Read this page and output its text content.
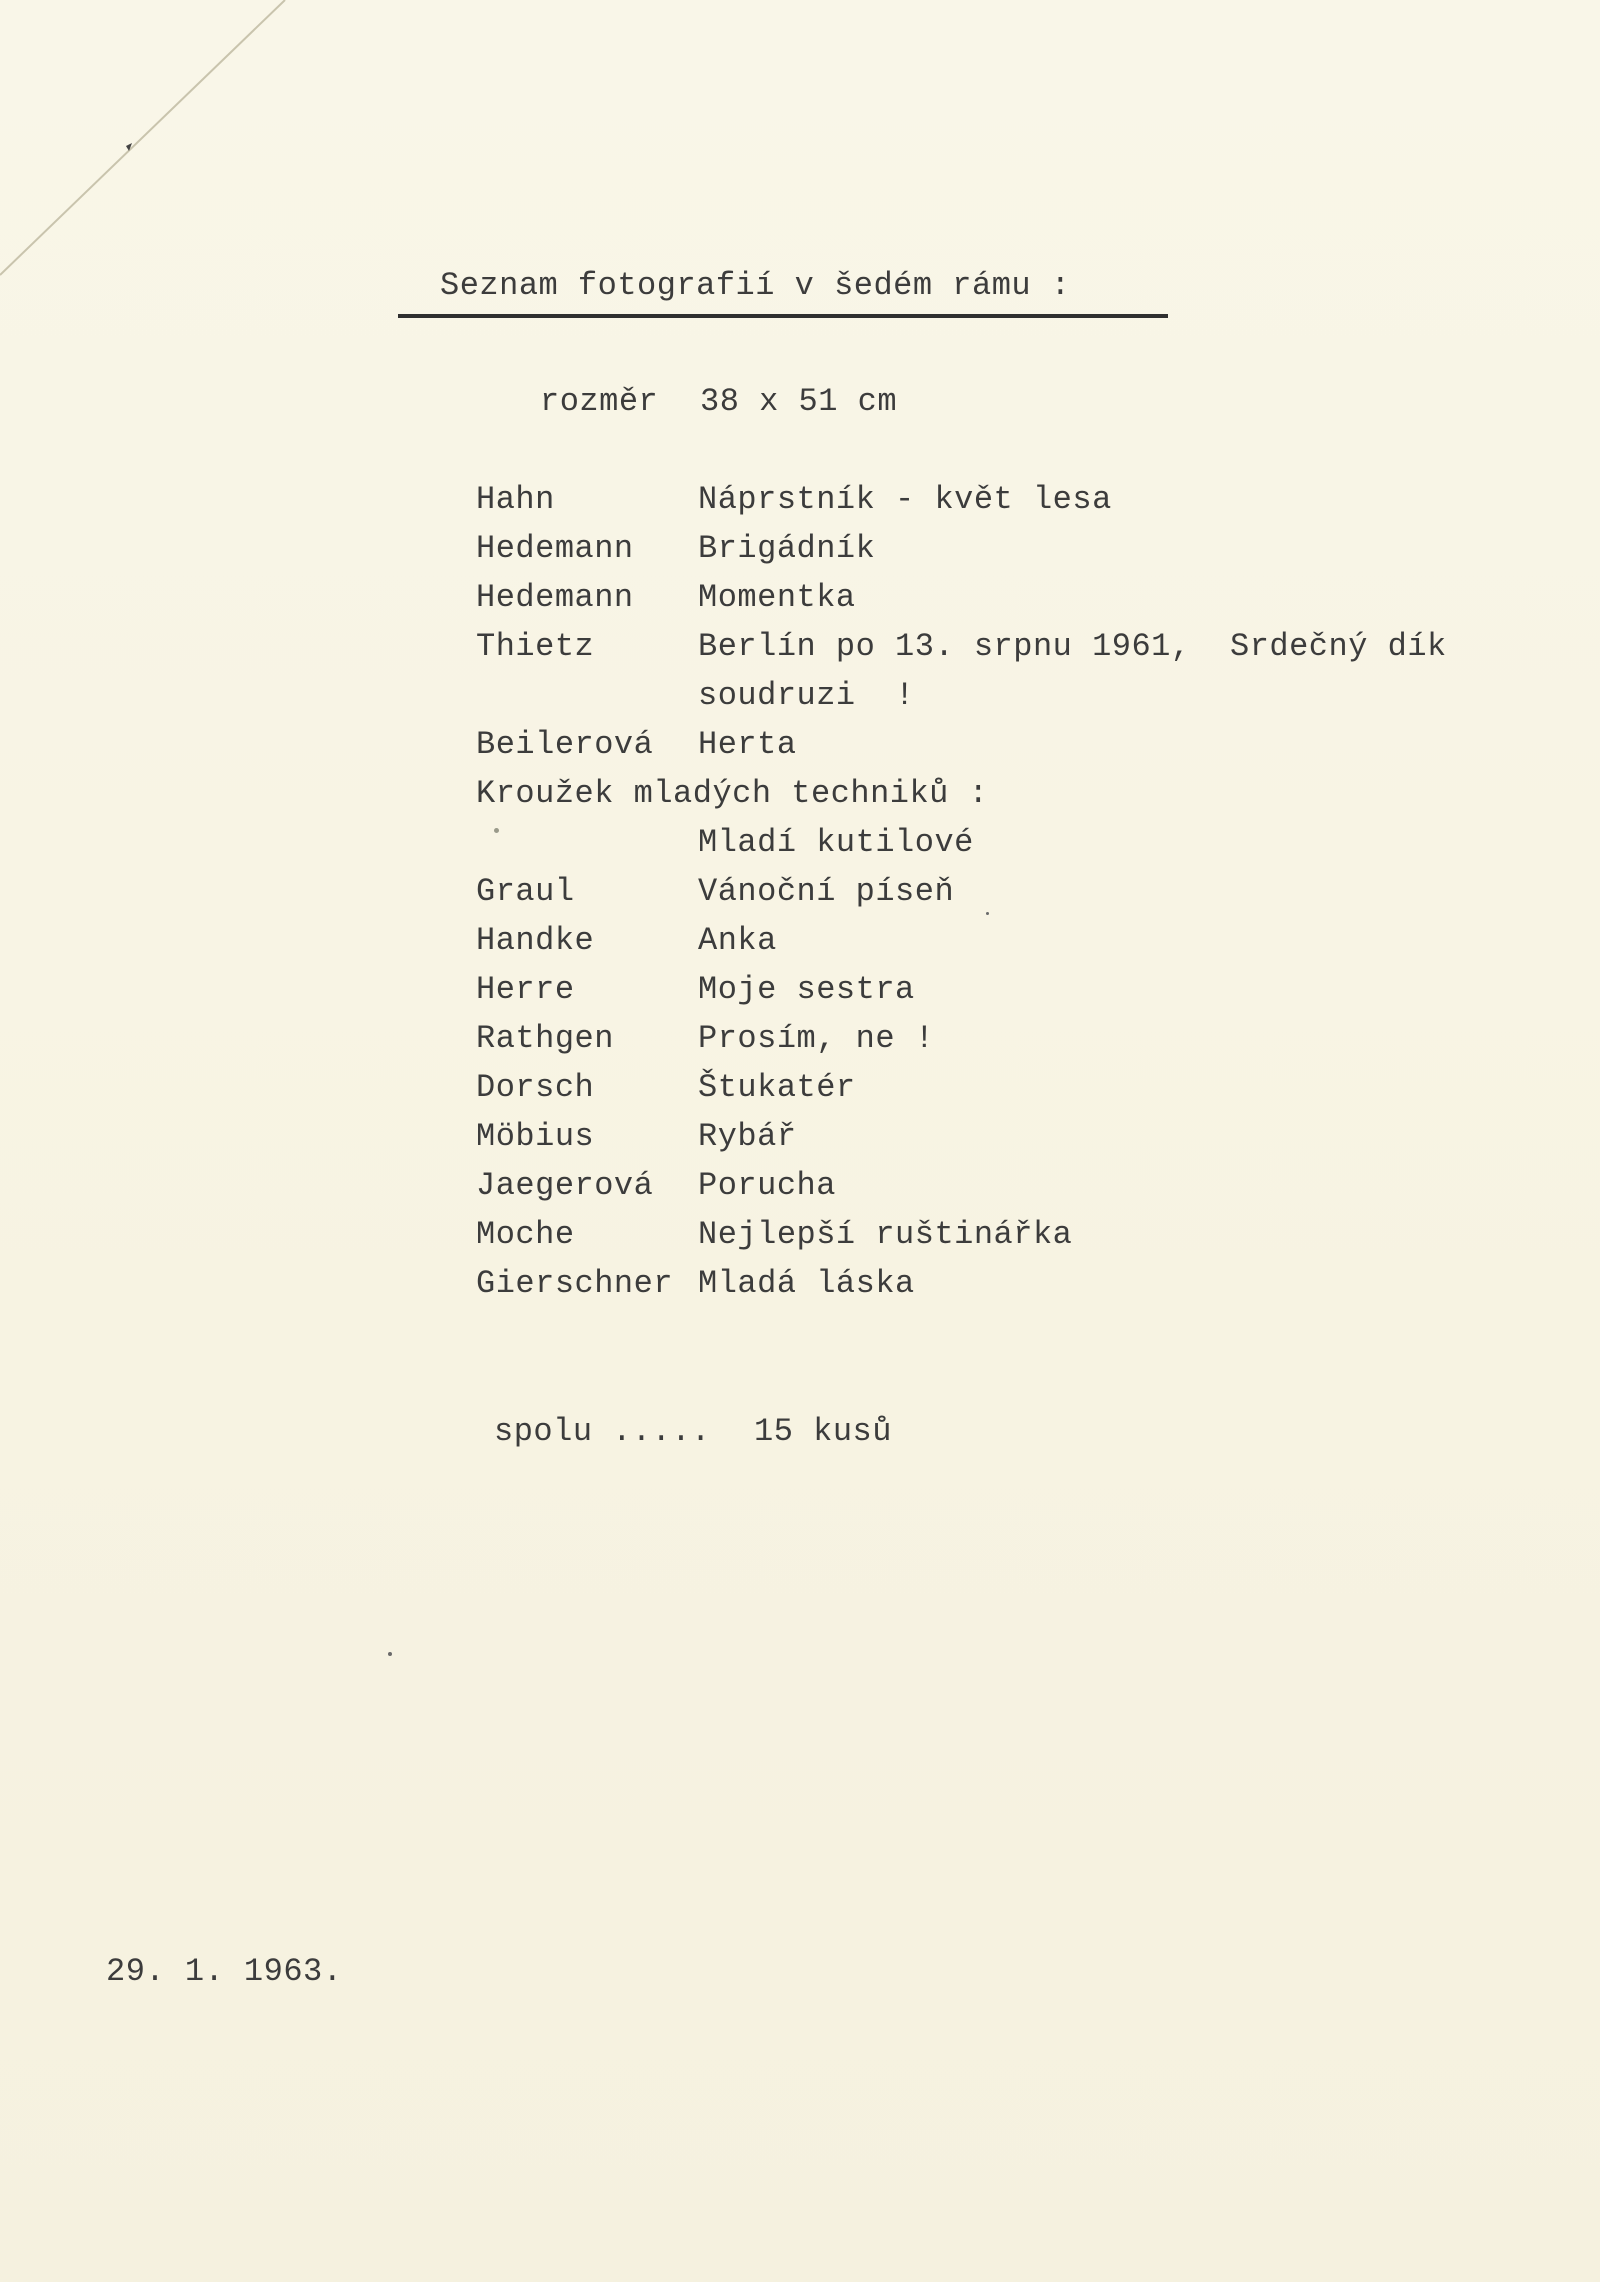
Seznam fotografií v šedém rámu :
rozměr 38 x 51 cm
Hahn	Náprstník - květ lesa
Hedemann Brigádník
Hedemann Momentka
Thietz	Berlín po 13. srpnu 1961,  Srdečný dík
soudruzi  !
Beilerová Herta
Kroužek mladých techniků :
Mladí kutilové
Graul	Vánoční píseň
Handke	Anka
Herre	Moje sestra
Rathgen	Prosím, ne !
Dorsch	Štukatér
Möbius	Rybář
Jaegerová Porucha
Moche	Nejlepší ruštinářka
Gierschner Mladá láska
spolu ..... 15 kusů
29. 1. 1963.
